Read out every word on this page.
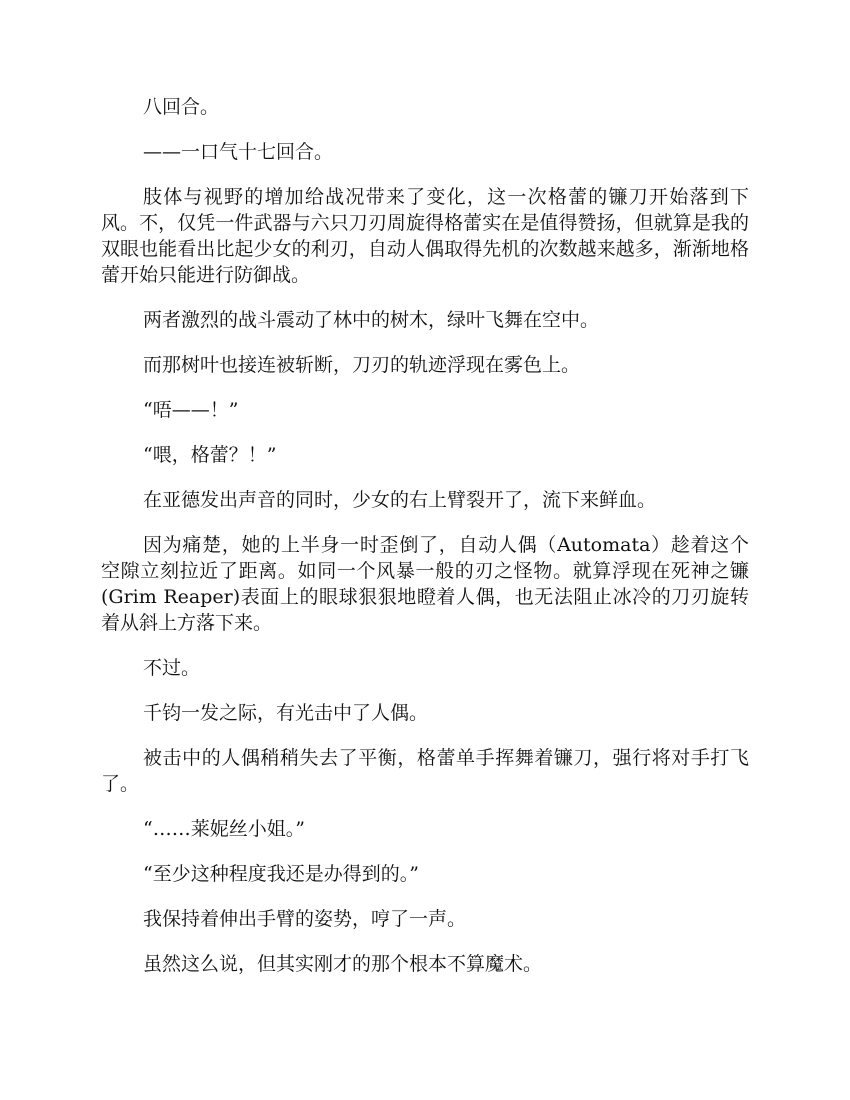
八回合。

——一口气十七回合。

肢体与视野的增加给战况带来了变化，这一次格蕾的镰刀开始落到下风。不，仅凭一件武器与六只刀刃周旋得格蕾实在是值得赞扬，但就算是我的双眼也能看出比起少女的利刃，自动人偶取得先机的次数越来越多，渐渐地格蕾开始只能进行防御战。

两者激烈的战斗震动了林中的树木，绿叶飞舞在空中。

而那树叶也接连被斩断，刀刃的轨迹浮现在雾色上。

“唔——！”

“喂，格蕾？！”

在亚德发出声音的同时，少女的右上臂裂开了，流下来鲜血。

因为痛楚，她的上半身一时歪倒了，自动人偶（Automata）趁着这个空隙立刻拉近了距离。如同一个风暴一般的刃之怪物。就算浮现在死神之镰(Grim Reaper)表面上的眼球狠狠地瞪着人偶，也无法阻止冰冷的刀刃旋转着从斜上方落下来。

不过。

千钧一发之际，有光击中了人偶。

被击中的人偶稍稍失去了平衡，格蕾单手挥舞着镰刀，强行将对手打飞了。

“……莱妮丝小姐。”

“至少这种程度我还是办得到的。”

我保持着伸出手臂的姿势，哼了一声。

虽然这么说，但其实刚才的那个根本不算魔术。
